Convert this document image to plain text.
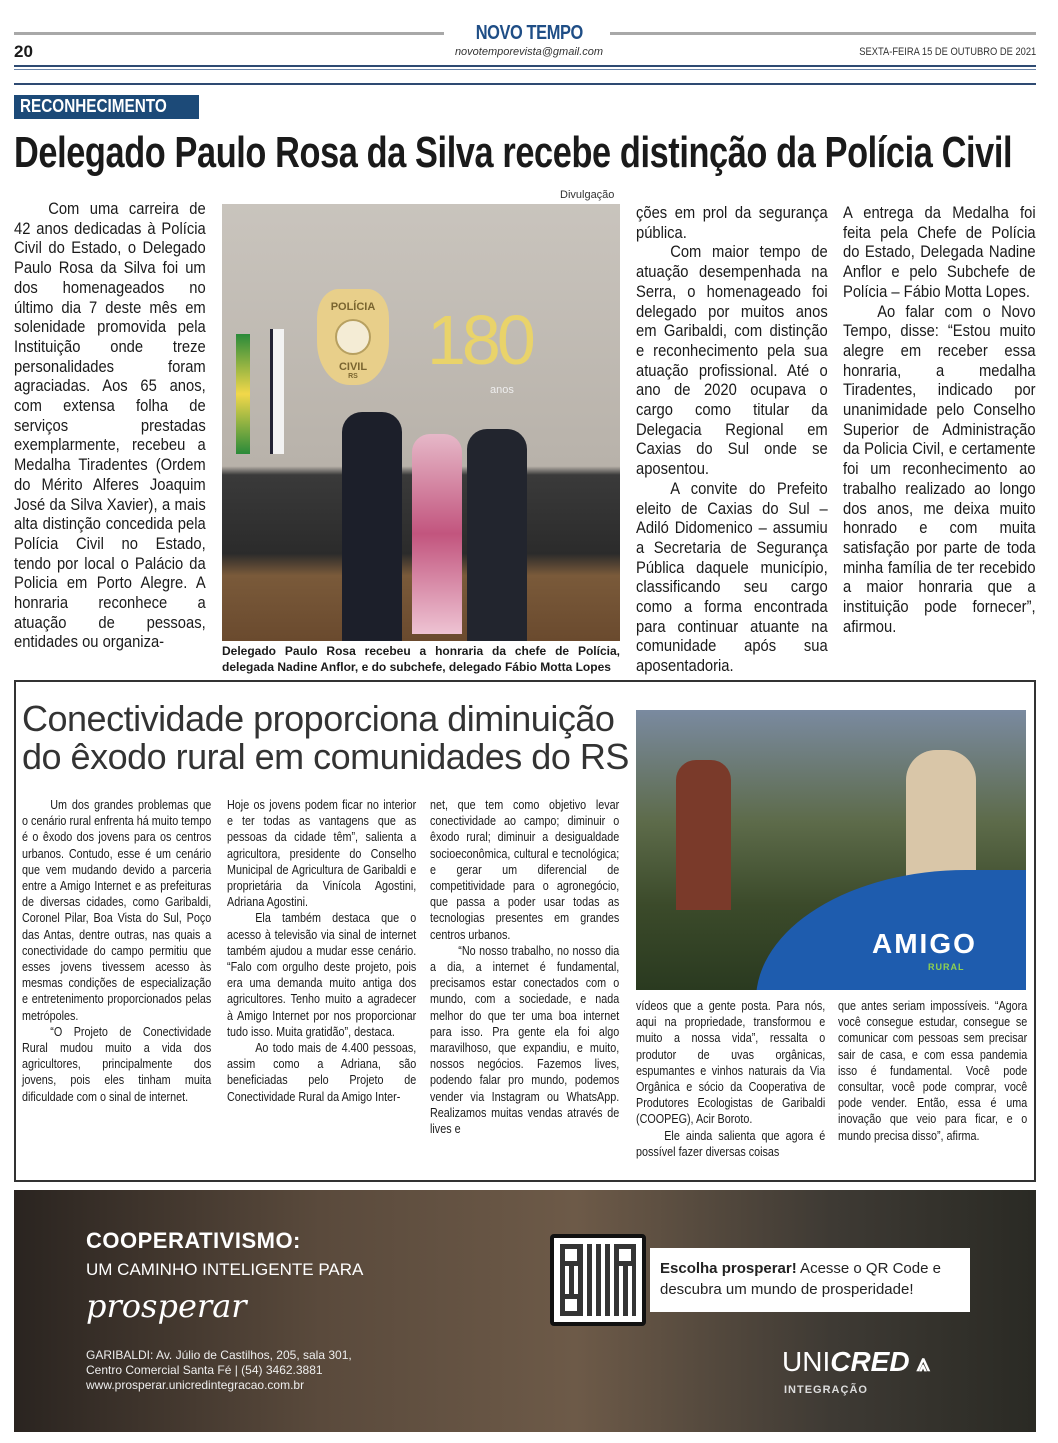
NOVO TEMPO
20	novotemporevista@gmail.com	SEXTA-FEIRA 15 DE OUTUBRO DE 2021
RECONHECIMENTO
Delegado Paulo Rosa da Silva recebe distinção da Polícia Civil

Com uma carreira de 42 anos dedicadas à Polícia Civil do Estado, o Delegado Paulo Rosa da Silva foi um dos homenageados no último dia 7 deste mês em solenidade promovida pela Instituição onde treze personalidades foram agraciadas. Aos 65 anos, com extensa folha de serviços prestadas exemplarmente, recebeu a Medalha Tiradentes (Ordem do Mérito Alferes Joaquim José da Silva Xavier), a mais alta distinção concedida pela Polícia Civil no Estado, tendo por local o Palácio da Policia em Porto Alegre. A honraria reconhece a atuação de pessoas, entidades ou organiza-

Divulgação
POLÍCIA
CIVIL
RS 180
anos
Delegado Paulo Rosa recebeu a honraria da chefe de Polícia, delegada Nadine Anflor, e do subchefe, delegado Fábio Motta Lopes

ções em prol da segurança pública.

Com maior tempo de atuação desempenhada na Serra, o homenageado foi delegado por muitos anos em Garibaldi, com distinção e reconhecimento pela sua atuação profissional. Até o ano de 2020 ocupava o cargo como titular da Delegacia Regional em Caxias do Sul onde se aposentou.

A convite do Prefeito eleito de Caxias do Sul – Adiló Didomenico – assumiu a Secretaria de Segurança Pública daquele município, classificando seu cargo como a forma encontrada para continuar atuante na comunidade após sua aposentadoria.

A entrega da Medalha foi feita pela Chefe de Polícia do Estado, Delegada Nadine Anflor e pelo Subchefe de Polícia – Fábio Motta Lopes.

Ao falar com o Novo Tempo, disse: “Estou muito alegre em receber essa honraria, a medalha Tiradentes, indicado por unanimidade pelo Conselho Superior de Administração da Policia Civil, e certamente foi um reconhecimento ao trabalho realizado ao longo dos anos, me deixa muito honrado e com muita satisfação por parte de toda minha família de ter recebido a maior honraria que a instituição pode fornecer”, afirmou.

Conectividade proporciona diminuição
do êxodo rural em comunidades do RS
AMIGO
RURAL

Um dos grandes problemas que o cenário rural enfrenta há muito tempo é o êxodo dos jovens para os centros urbanos. Contudo, esse é um cenário que vem mudando devido a parceria entre a Amigo Internet e as prefeituras de diversas cidades, como Garibaldi, Coronel Pilar, Boa Vista do Sul, Poço das Antas, dentre outras, nas quais a conectividade do campo permitiu que esses jovens tivessem acesso às mesmas condições de especialização e entretenimento proporcionados pelas metrópoles.

“O Projeto de Conectividade Rural mudou muito a vida dos agricultores, principalmente dos jovens, pois eles tinham muita dificuldade com o sinal de internet.

Hoje os jovens podem ficar no interior e ter todas as vantagens que as pessoas da cidade têm”, salienta a agricultora, presidente do Conselho Municipal de Agricultura de Garibaldi e proprietária da Vinícola Agostini, Adriana Agostini.

Ela também destaca que o acesso à televisão via sinal de internet também ajudou a mudar esse cenário. “Falo com orgulho deste projeto, pois era uma demanda muito antiga dos agricultores. Tenho muito a agradecer à Amigo Internet por nos proporcionar tudo isso. Muita gratidão”, destaca.

Ao todo mais de 4.400 pessoas, assim como a Adriana, são beneficiadas pelo Projeto de Conectividade Rural da Amigo Inter-

net, que tem como objetivo levar conectividade ao campo; diminuir o êxodo rural; diminuir a desigualdade socioeconômica, cultural e tecnológica; e gerar um diferencial de competitividade para o agronegócio, que passa a poder usar todas as tecnologias presentes em grandes centros urbanos.

“No nosso trabalho, no nosso dia a dia, a internet é fundamental, precisamos estar conectados com o mundo, com a sociedade, e nada melhor do que ter uma boa internet para isso. Pra gente ela foi algo maravilhoso, que expandiu, e muito, nossos negócios. Fazemos lives, podendo falar pro mundo, podemos vender via Instagram ou WhatsApp. Realizamos muitas vendas através de lives e

vídeos que a gente posta. Para nós, aqui na propriedade, transformou e muito a nossa vida”, ressalta o produtor de uvas orgânicas, espumantes e vinhos naturais da Via Orgânica e sócio da Cooperativa de Produtores Ecologistas de Garibaldi (COOPEG), Acir Boroto.

Ele ainda salienta que agora é possível fazer diversas coisas

que antes seriam impossíveis. “Agora você consegue estudar, consegue se comunicar com pessoas sem precisar sair de casa, e com essa pandemia isso é fundamental. Você pode consultar, você pode comprar, você pode vender. Então, essa é uma inovação que veio para ficar, e o mundo precisa disso”, afirma.

COOPERATIVISMO:
UM CAMINHO INTELIGENTE PARA
prosperar
GARIBALDI: Av. Júlio de Castilhos, 205, sala 301,
Centro Comercial Santa Fé | (54) 3462.3881
www.prosperar.unicredintegracao.com.br
Escolha prosperar! Acesse o QR Code e descubra um mundo de prosperidade!
UNICRED ⩓
INTEGRAÇÃO
